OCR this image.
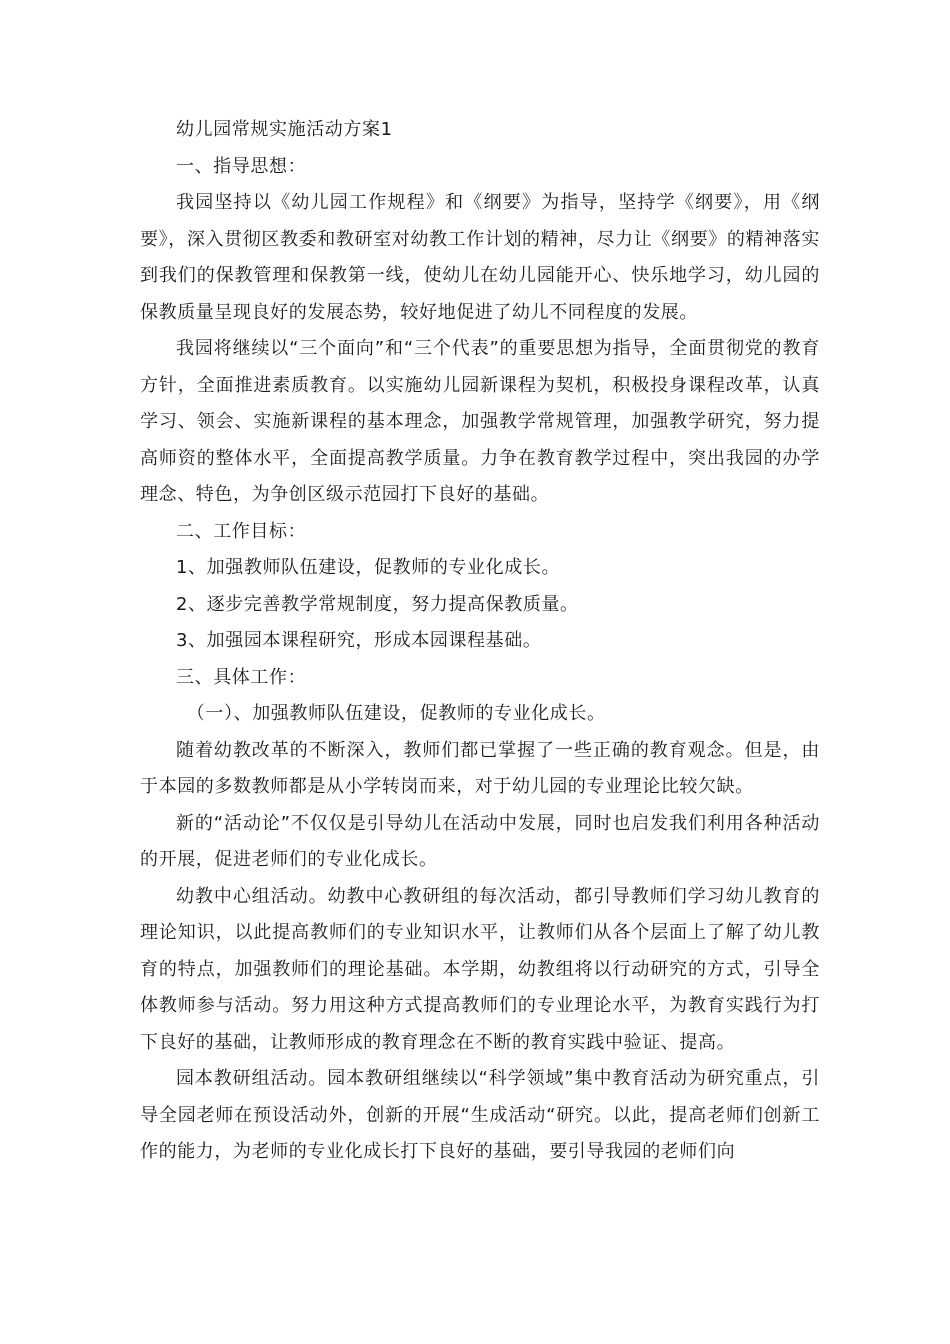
幼儿园常规实施活动方案1

一、指导思想：

我园坚持以《幼儿园工作规程》和《纲要》为指导，坚持学《纲要》，用《纲要》，深入贯彻区教委和教研室对幼教工作计划的精神，尽力让《纲要》的精神落实到我们的保教管理和保教第一线，使幼儿在幼儿园能开心、快乐地学习，幼儿园的保教质量呈现良好的发展态势，较好地促进了幼儿不同程度的发展。

我园将继续以“三个面向”和“三个代表”的重要思想为指导，全面贯彻党的教育方针，全面推进素质教育。以实施幼儿园新课程为契机，积极投身课程改革，认真学习、领会、实施新课程的基本理念，加强教学常规管理，加强教学研究，努力提高师资的整体水平，全面提高教学质量。力争在教育教学过程中，突出我园的办学理念、特色，为争创区级示范园打下良好的基础。

二、工作目标：

1、加强教师队伍建设，促教师的专业化成长。

2、逐步完善教学常规制度，努力提高保教质量。

3、加强园本课程研究，形成本园课程基础。

三、具体工作：

（一）、加强教师队伍建设，促教师的专业化成长。

随着幼教改革的不断深入，教师们都已掌握了一些正确的教育观念。但是，由于本园的多数教师都是从小学转岗而来，对于幼儿园的专业理论比较欠缺。

新的“活动论”不仅仅是引导幼儿在活动中发展，同时也启发我们利用各种活动的开展，促进老师们的专业化成长。

幼教中心组活动。幼教中心教研组的每次活动，都引导教师们学习幼儿教育的理论知识，以此提高教师们的专业知识水平，让教师们从各个层面上了解了幼儿教育的特点，加强教师们的理论基础。本学期，幼教组将以行动研究的方式，引导全体教师参与活动。努力用这种方式提高教师们的专业理论水平，为教育实践行为打下良好的基础，让教师形成的教育理念在不断的教育实践中验证、提高。

园本教研组活动。园本教研组继续以“科学领域”集中教育活动为研究重点，引导全园老师在预设活动外，创新的开展“生成活动“研究。以此，提高老师们创新工作的能力，为老师的专业化成长打下良好的基础，要引导我园的老师们向
